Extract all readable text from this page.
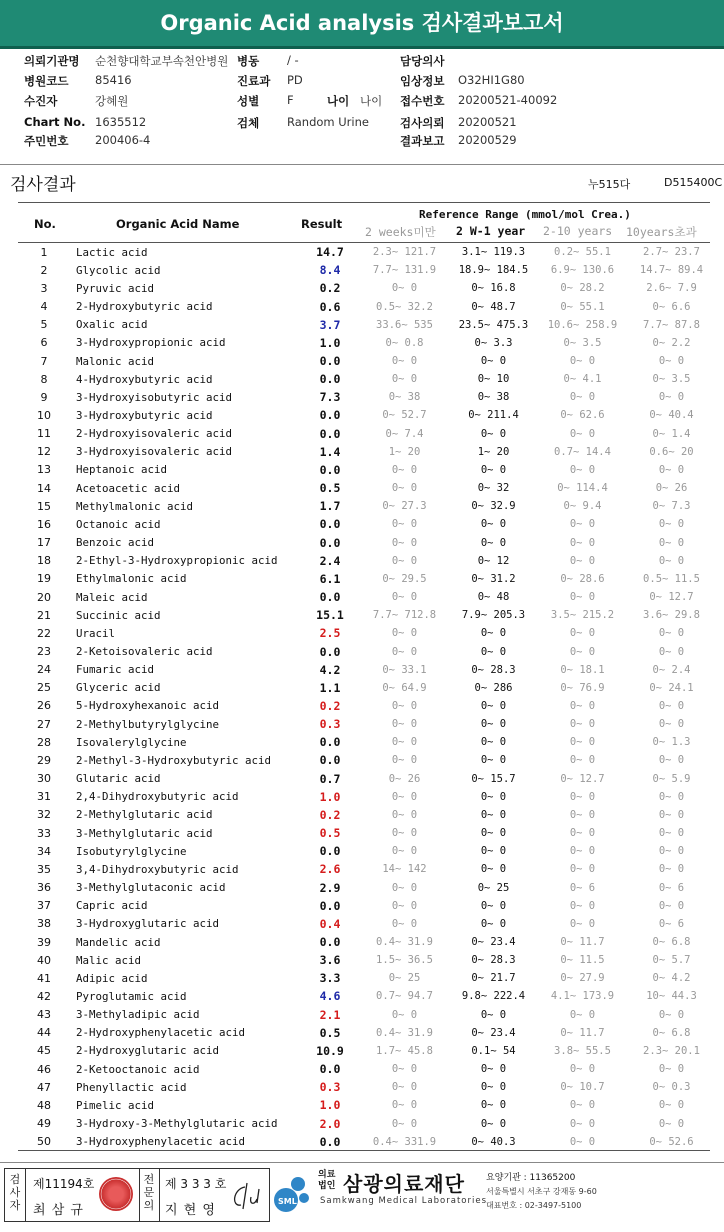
Organic Acid analysis 검사결과보고서
의뢰기관명 순천향대학교부속천안병원 병동 / -	담당의사
병원코드 85416	진료과 PD	임상정보 O32HI1G80
수진자	강혜원	성별 F	나이 나이 접수번호 20200521-40092
Chart No. 1635512	검체 Random Urine	검사의뢰 20200521
주민번호 200406-4	결과보고 20200529
검사결과	누515다	D515400C
No.	Organic Acid Name	Result
Reference Range (mmol/mol Crea.)
2 weeks미만 2 W-1 year 2-10 years 10years초과
1	Lactic acid	14.7	2.3~ 121.7	3.1~ 119.3	0.2~ 55.1	2.7~ 23.7
2	Glycolic acid	8.4	7.7~ 131.9	18.9~ 184.5	6.9~ 130.6	14.7~ 89.4
3	Pyruvic acid	0.2	0~ 0	0~ 16.8	0~ 28.2	2.6~ 7.9
4	2-Hydroxybutyric acid	0.6	0.5~ 32.2	0~ 48.7	0~ 55.1	0~ 6.6
5	Oxalic acid	3.7	33.6~ 535	23.5~ 475.3	10.6~ 258.9	7.7~ 87.8
6	3-Hydroxypropionic acid	1.0	0~ 0.8	0~ 3.3	0~ 3.5	0~ 2.2
7	Malonic acid	0.0	0~ 0	0~ 0	0~ 0	0~ 0
8	4-Hydroxybutyric acid	0.0	0~ 0	0~ 10	0~ 4.1	0~ 3.5
9	3-Hydroxyisobutyric acid	7.3	0~ 38	0~ 38	0~ 0	0~ 0
10	3-Hydroxybutyric acid	0.0	0~ 52.7	0~ 211.4	0~ 62.6	0~ 40.4
11	2-Hydroxyisovaleric acid	0.0	0~ 7.4	0~ 0	0~ 0	0~ 1.4
12	3-Hydroxyisovaleric acid	1.4	1~ 20	1~ 20	0.7~ 14.4	0.6~ 20
13	Heptanoic acid	0.0	0~ 0	0~ 0	0~ 0	0~ 0
14	Acetoacetic acid	0.5	0~ 0	0~ 32	0~ 114.4	0~ 26
15	Methylmalonic acid	1.7	0~ 27.3	0~ 32.9	0~ 9.4	0~ 7.3
16	Octanoic acid	0.0	0~ 0	0~ 0	0~ 0	0~ 0
17	Benzoic acid	0.0	0~ 0	0~ 0	0~ 0	0~ 0
18	2-Ethyl-3-Hydroxypropionic acid	2.4	0~ 0	0~ 12	0~ 0	0~ 0
19	Ethylmalonic acid	6.1	0~ 29.5	0~ 31.2	0~ 28.6	0.5~ 11.5
20	Maleic acid	0.0	0~ 0	0~ 48	0~ 0	0~ 12.7
21	Succinic acid	15.1	7.7~ 712.8	7.9~ 205.3	3.5~ 215.2	3.6~ 29.8
22	Uracil	2.5	0~ 0	0~ 0	0~ 0	0~ 0
23	2-Ketoisovaleric acid	0.0	0~ 0	0~ 0	0~ 0	0~ 0
24	Fumaric acid	4.2	0~ 33.1	0~ 28.3	0~ 18.1	0~ 2.4
25	Glyceric acid	1.1	0~ 64.9	0~ 286	0~ 76.9	0~ 24.1
26	5-Hydroxyhexanoic acid	0.2	0~ 0	0~ 0	0~ 0	0~ 0
27	2-Methylbutyrylglycine	0.3	0~ 0	0~ 0	0~ 0	0~ 0
28	Isovalerylglycine	0.0	0~ 0	0~ 0	0~ 0	0~ 1.3
29	2-Methyl-3-Hydroxybutyric acid	0.0	0~ 0	0~ 0	0~ 0	0~ 0
30	Glutaric acid	0.7	0~ 26	0~ 15.7	0~ 12.7	0~ 5.9
31	2,4-Dihydroxybutyric acid	1.0	0~ 0	0~ 0	0~ 0	0~ 0
32	2-Methylglutaric acid	0.2	0~ 0	0~ 0	0~ 0	0~ 0
33	3-Methylglutaric acid	0.5	0~ 0	0~ 0	0~ 0	0~ 0
34	Isobutyrylglycine	0.0	0~ 0	0~ 0	0~ 0	0~ 0
35	3,4-Dihydroxybutyric acid	2.6	14~ 142	0~ 0	0~ 0	0~ 0
36	3-Methylglutaconic acid	2.9	0~ 0	0~ 25	0~ 6	0~ 6
37	Capric acid	0.0	0~ 0	0~ 0	0~ 0	0~ 0
38	3-Hydroxyglutaric acid	0.4	0~ 0	0~ 0	0~ 0	0~ 6
39	Mandelic acid	0.0	0.4~ 31.9	0~ 23.4	0~ 11.7	0~ 6.8
40	Malic acid	3.6	1.5~ 36.5	0~ 28.3	0~ 11.5	0~ 5.7
41	Adipic acid	3.3	0~ 25	0~ 21.7	0~ 27.9	0~ 4.2
42	Pyroglutamic acid	4.6	0.7~ 94.7	9.8~ 222.4	4.1~ 173.9	10~ 44.3
43	3-Methyladipic acid	2.1	0~ 0	0~ 0	0~ 0	0~ 0
44	2-Hydroxyphenylacetic acid	0.5	0.4~ 31.9	0~ 23.4	0~ 11.7	0~ 6.8
45	2-Hydroxyglutaric acid	10.9	1.7~ 45.8	0.1~ 54	3.8~ 55.5	2.3~ 20.1
46	2-Ketooctanoic acid	0.0	0~ 0	0~ 0	0~ 0	0~ 0
47	Phenyllactic acid	0.3	0~ 0	0~ 0	0~ 10.7	0~ 0.3
48	Pimelic acid	1.0	0~ 0	0~ 0	0~ 0	0~ 0
49	3-Hydroxy-3-Methylglutaric acid	2.0	0~ 0	0~ 0	0~ 0	0~ 0
50	3-Hydroxyphenylacetic acid	0.0	0.4~ 331.9	0~ 40.3	0~ 0	0~ 52.6
검사자
제11194호
최 삼 규
전문의
제 3 3 3 호
지 현 영
SML
의료법인 삼광의료재단
Samkwang Medical Laboratories
요양기관 : 11365200
서울특별시 서초구 강재동 9-60
대표번호 : 02-3497-5100
